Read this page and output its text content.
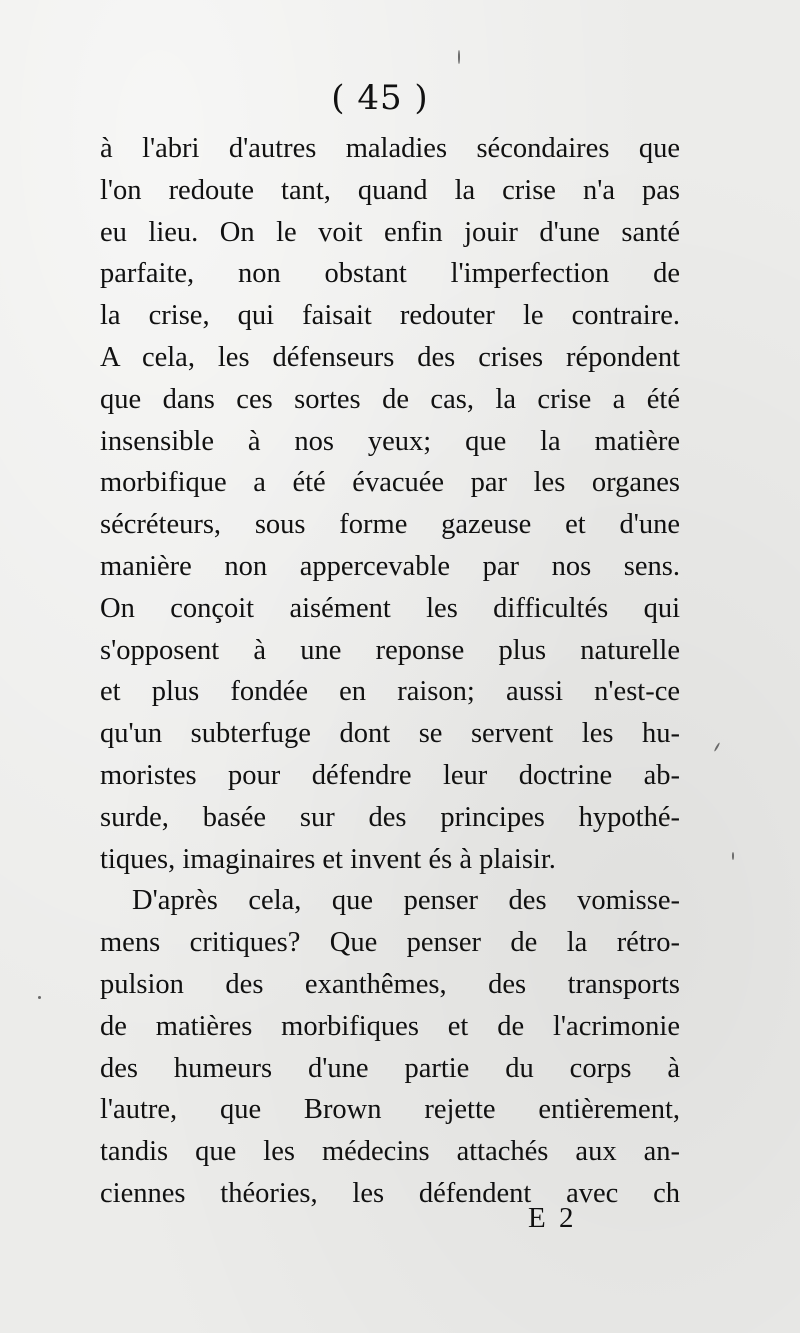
( 45 )
à l'abri d'autres maladies sécondaires que
l'on redoute tant, quand la crise n'a pas
eu lieu. On le voit enfin jouir d'une santé
parfaite, non obstant l'imperfection de
la crise, qui faisait redouter le contraire.
A cela, les défenseurs des crises répondent
que dans ces sortes de cas, la crise a été
insensible à nos yeux; que la matière
morbifique a été évacuée par les organes
sécréteurs, sous forme gazeuse et d'une
manière non appercevable par nos sens.
On conçoit aisément les difficultés qui
s'opposent à une reponse plus naturelle
et plus fondée en raison; aussi n'est-ce
qu'un subterfuge dont se servent les hu-
moristes pour défendre leur doctrine ab-
surde, basée sur des principes hypothé-
tiques, imaginaires et invent és à plaisir.
D'après cela, que penser des vomisse-
mens critiques? Que penser de la rétro-
pulsion des exanthêmes, des transports
de matières morbifiques et de l'acrimonie
des humeurs d'une partie du corps à
l'autre, que Brown rejette entièrement,
tandis que les médecins attachés aux an-
ciennes théories, les défendent avec ch
E 2
